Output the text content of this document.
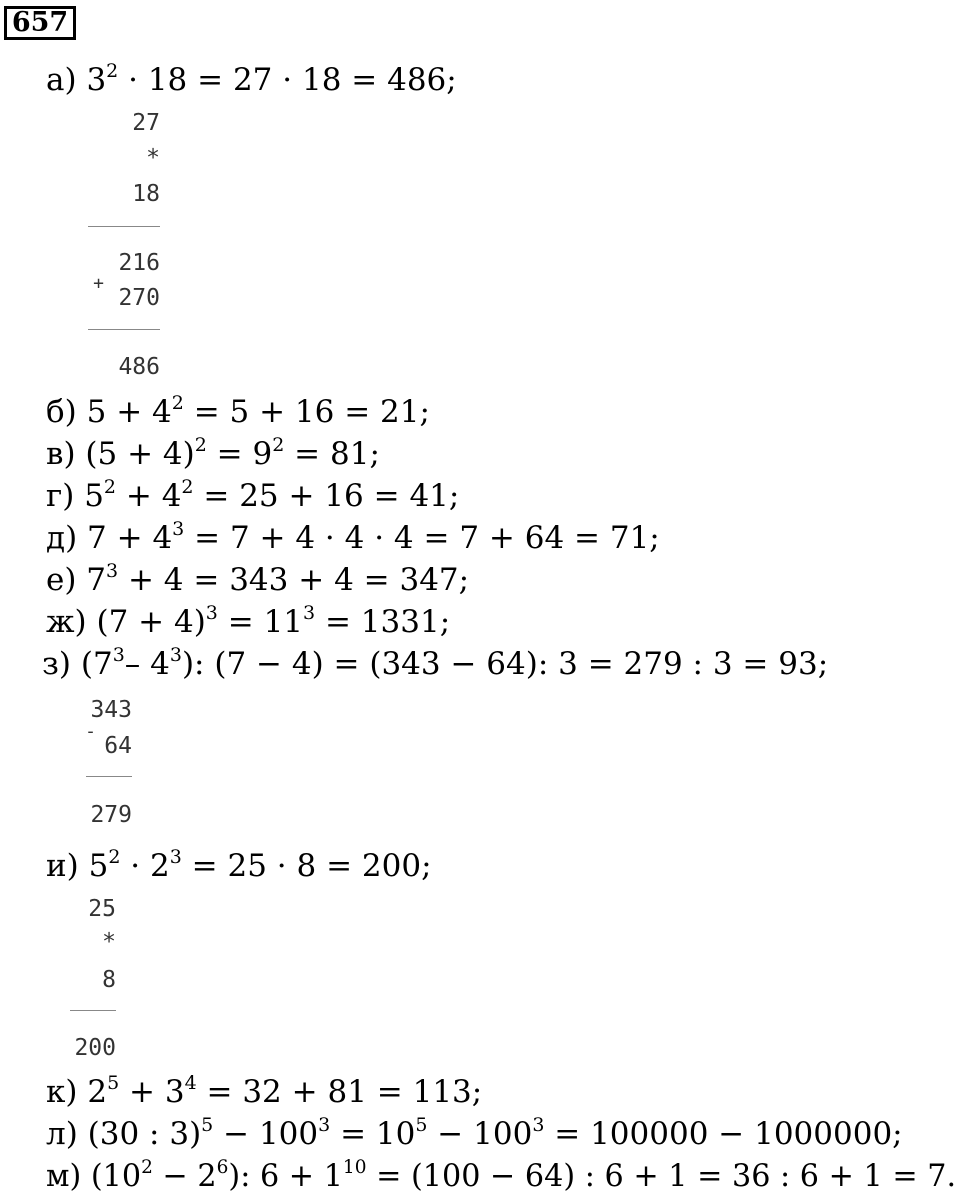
657
а) $3^2 \cdot 18 = 27 \cdot 18 = 486$;
27
*
18
216
+
270
486
б) $5 + 4^2 = 5 + 16 = 21$;
в) $(5 + 4)^2 = 9^2 = 81$;
г) $5^2 + 4^2 = 25 + 16 = 41$;
д) $7 + 4^3 = 7 + 4 \cdot 4 \cdot 4 = 7 + 64 = 71$;
е) $7^3 + 4 = 343 + 4 = 347$;
ж) $(7 + 4)^3 = 11^3 = 1331$;
з) ($7^3-$ $4^3$): (7 − 4) = (343 − 64): 3 = 279 : 3 = 93;
343
-
64
279
и) $5^2 \cdot 2^3 = 25 \cdot 8 = 200$;
25
*
8
200
к) $2^5 + 3^4 = 32 + 81 = 113$;
л) (30 : $3)^5 - 100^3 = 10^5 - 100^3 = 100000 - 1000000$;
м) $(10^2 - 2^6)$: $6 + 1^{10} = (100 - 64)$ : 6 + 1 = 36 : 6 + 1 = 7.
